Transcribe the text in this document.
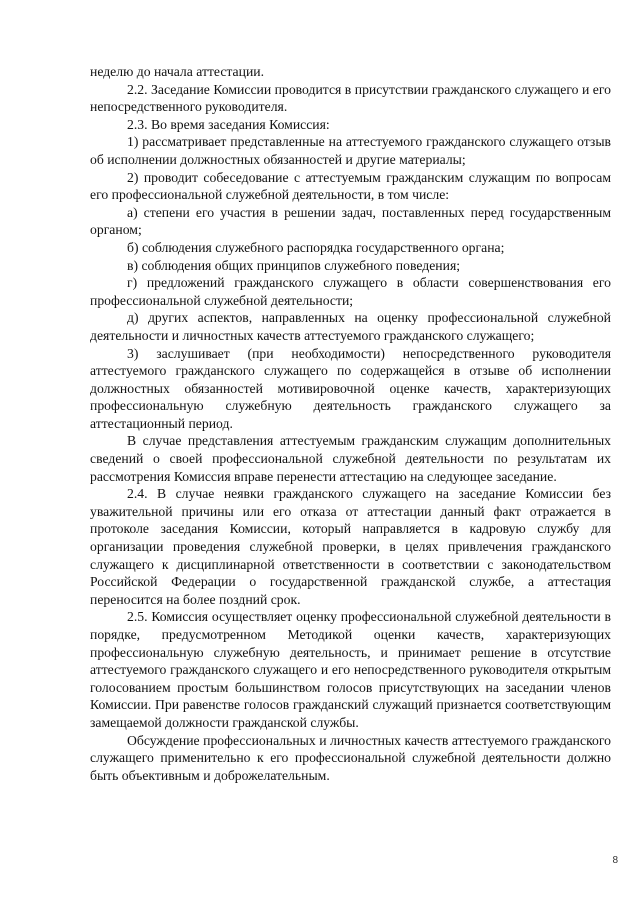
неделю до начала аттестации.

2.2. Заседание Комиссии проводится в присутствии гражданского служащего и его непосредственного руководителя.

2.3. Во время заседания Комиссия:

1) рассматривает представленные на аттестуемого гражданского служащего отзыв об исполнении должностных обязанностей и другие материалы;

2) проводит собеседование с аттестуемым гражданским служащим по вопросам его профессиональной служебной деятельности, в том числе:

а) степени его участия в решении задач, поставленных перед государственным органом;

б) соблюдения служебного распорядка государственного органа;

в) соблюдения общих принципов служебного поведения;

г) предложений гражданского служащего в области совершенствования его профессиональной служебной деятельности;

д) других аспектов, направленных на оценку профессиональной служебной деятельности и личностных качеств аттестуемого гражданского служащего;

3) заслушивает (при необходимости) непосредственного руководителя аттестуемого гражданского служащего по содержащейся в отзыве об исполнении должностных обязанностей мотивировочной оценке качеств, характеризующих профессиональную служебную деятельность гражданского служащего за аттестационный период.

В случае представления аттестуемым гражданским служащим дополнительных сведений о своей профессиональной служебной деятельности по результатам их рассмотрения Комиссия вправе перенести аттестацию на следующее заседание.

2.4. В случае неявки гражданского служащего на заседание Комиссии без уважительной причины или его отказа от аттестации данный факт отражается в протоколе заседания Комиссии, который направляется в кадровую службу для организации проведения служебной проверки, в целях привлечения гражданского служащего к дисциплинарной ответственности в соответствии с законодательством Российской Федерации о государственной гражданской службе, а аттестация переносится на более поздний срок.

2.5. Комиссия осуществляет оценку профессиональной служебной деятельности в порядке, предусмотренном Методикой оценки качеств, характеризующих профессиональную служебную деятельность, и принимает решение в отсутствие аттестуемого гражданского служащего и его непосредственного руководителя открытым голосованием простым большинством голосов присутствующих на заседании членов Комиссии. При равенстве голосов гражданский служащий признается соответствующим замещаемой должности гражданской службы.

Обсуждение профессиональных и личностных качеств аттестуемого гражданского служащего применительно к его профессиональной служебной деятельности должно быть объективным и доброжелательным.

8
